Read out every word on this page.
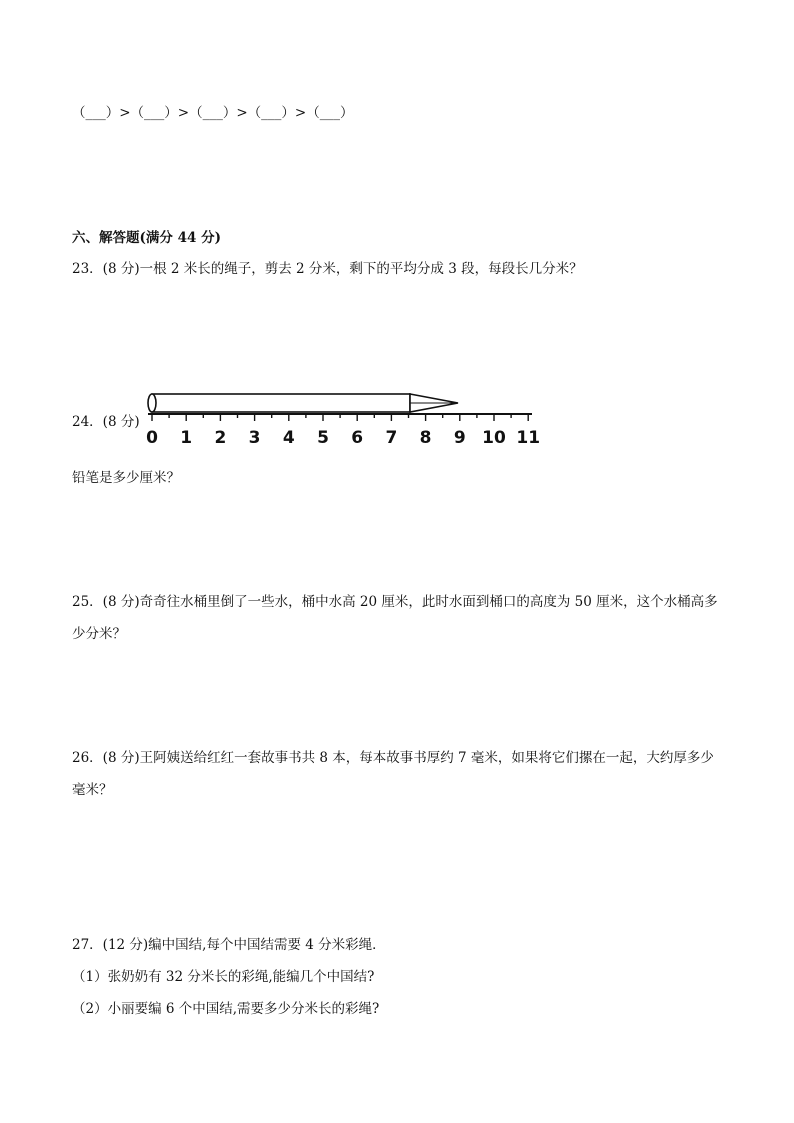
（___）>（___）>（___）>（___）>（___）
六、解答题(满分 44 分)
23．(8 分)一根 2 米长的绳子，剪去 2 分米，剩下的平均分成 3 段，每段长几分米？
24．(8 分)
0 1 2 3 4 5 6 7 8 9 10 11
铅笔是多少厘米？
25．(8 分)奇奇往水桶里倒了一些水，桶中水高 20 厘米，此时水面到桶口的高度为 50 厘米，这个水桶高多
少分米？
26．(8 分)王阿姨送给红红一套故事书共 8 本，每本故事书厚约 7 毫米，如果将它们摞在一起，大约厚多少
毫米？
27．(12 分)编中国结,每个中国结需要 4 分米彩绳．
（1）张奶奶有 32 分米长的彩绳,能编几个中国结?
（2）小丽要编 6 个中国结,需要多少分米长的彩绳?
